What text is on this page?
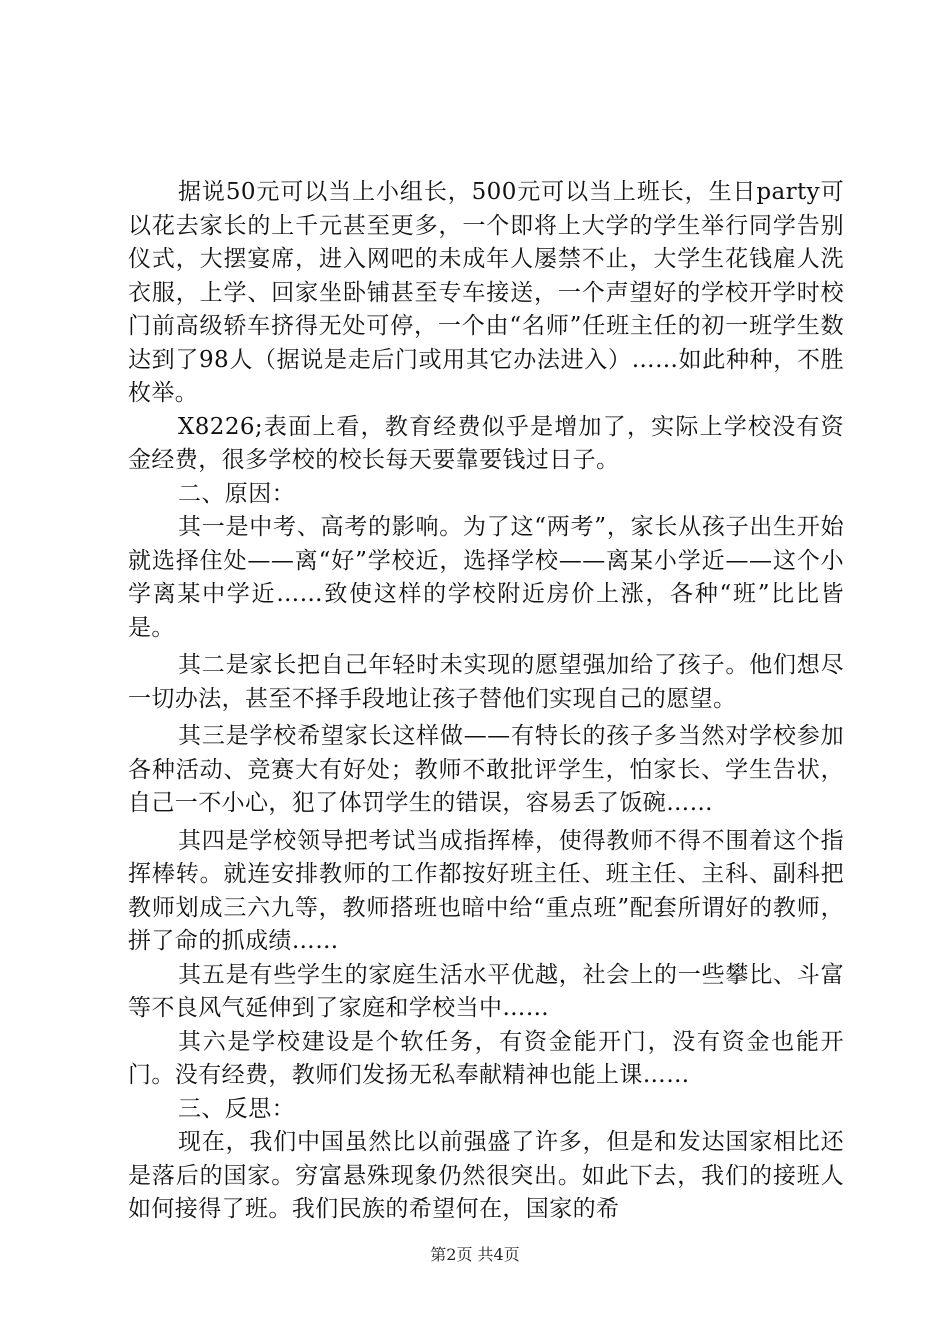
据说50元可以当上小组长，500元可以当上班长，生日party可以花去家长的上千元甚至更多，一个即将上大学的学生举行同学告别仪式，大摆宴席，进入网吧的未成年人屡禁不止，大学生花钱雇人洗衣服，上学、回家坐卧铺甚至专车接送，一个声望好的学校开学时校门前高级轿车挤得无处可停，一个由“名师”任班主任的初一班学生数达到了98人（据说是走后门或用其它办法进入）……如此种种，不胜枚举。

X8226;表面上看，教育经费似乎是增加了，实际上学校没有资金经费，很多学校的校长每天要靠要钱过日子。

二、原因：

其一是中考、高考的影响。为了这“两考”，家长从孩子出生开始就选择住处——离“好”学校近，选择学校——离某小学近——这个小学离某中学近……致使这样的学校附近房价上涨，各种“班”比比皆是。

其二是家长把自己年轻时未实现的愿望强加给了孩子。他们想尽一切办法，甚至不择手段地让孩子替他们实现自己的愿望。

其三是学校希望家长这样做——有特长的孩子多当然对学校参加各种活动、竞赛大有好处；教师不敢批评学生，怕家长、学生告状，自己一不小心，犯了体罚学生的错误，容易丢了饭碗……

其四是学校领导把考试当成指挥棒，使得教师不得不围着这个指挥棒转。就连安排教师的工作都按好班主任、班主任、主科、副科把教师划成三六九等，教师搭班也暗中给“重点班”配套所谓好的教师，拼了命的抓成绩……

其五是有些学生的家庭生活水平优越，社会上的一些攀比、斗富等不良风气延伸到了家庭和学校当中……

其六是学校建设是个软任务，有资金能开门，没有资金也能开门。没有经费，教师们发扬无私奉献精神也能上课……

三、反思：

现在，我们中国虽然比以前强盛了许多，但是和发达国家相比还是落后的国家。穷富悬殊现象仍然很突出。如此下去，我们的接班人如何接得了班。我们民族的希望何在，国家的希

第2页 共4页
